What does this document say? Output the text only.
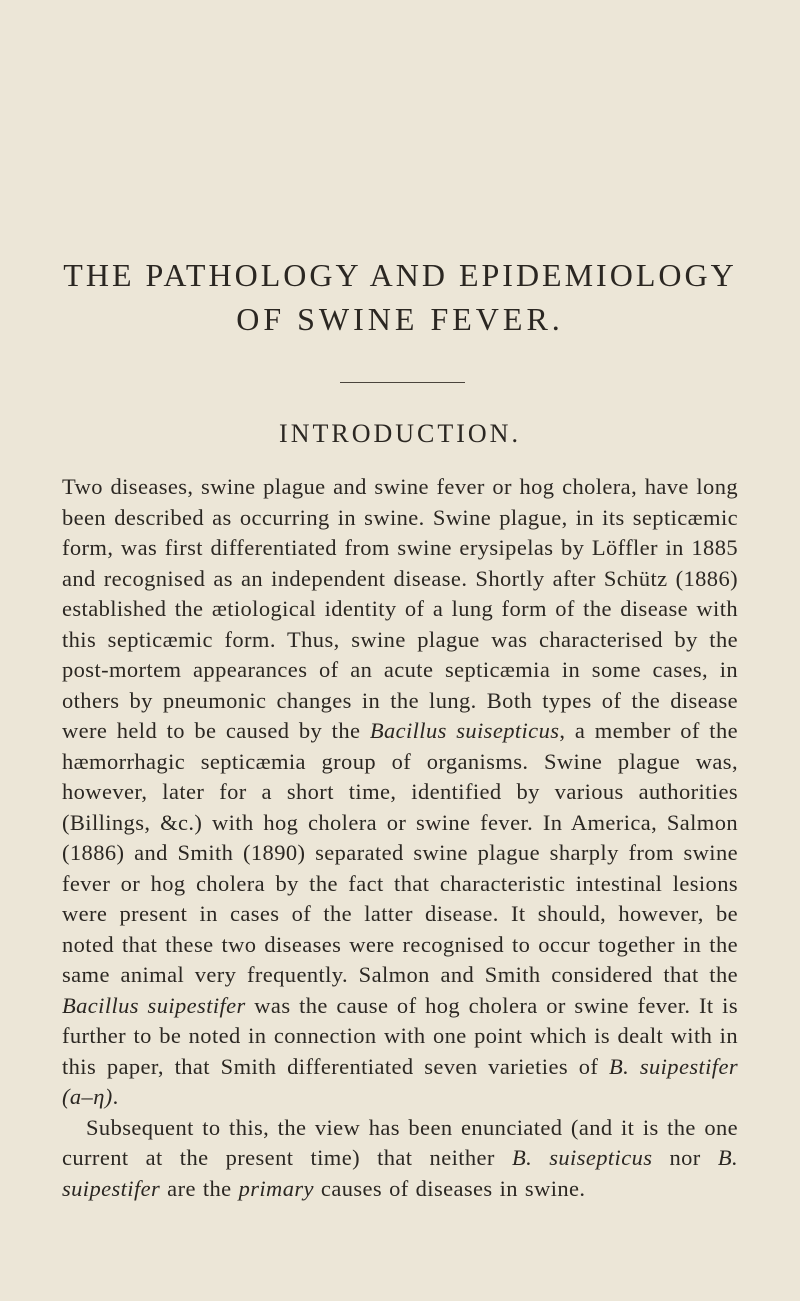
THE PATHOLOGY AND EPIDEMIOLOGY
OF SWINE FEVER.
INTRODUCTION.

Two diseases, swine plague and swine fever or hog cholera, have long been described as occurring in swine. Swine plague, in its septicæmic form, was first differentiated from swine erysipelas by Löffler in 1885 and recognised as an independent disease. Shortly after Schütz (1886) established the ætiological identity of a lung form of the disease with this septicæmic form. Thus, swine plague was characterised by the post-mortem appearances of an acute septicæmia in some cases, in others by pneumonic changes in the lung. Both types of the disease were held to be caused by the Bacillus suisepticus, a member of the hæmorrhagic septicæmia group of organisms. Swine plague was, however, later for a short time, identified by various authorities (Billings, &c.) with hog cholera or swine fever. In America, Salmon (1886) and Smith (1890) separated swine plague sharply from swine fever or hog cholera by the fact that characteristic intestinal lesions were present in cases of the latter disease. It should, however, be noted that these two diseases were recognised to occur together in the same animal very frequently. Salmon and Smith considered that the Bacillus suipestifer was the cause of hog cholera or swine fever. It is further to be noted in connection with one point which is dealt with in this paper, that Smith differentiated seven varieties of B. suipestifer (a–η).

Subsequent to this, the view has been enunciated (and it is the one current at the present time) that neither B. suisepticus nor B. suipestifer are the primary causes of diseases in swine.
